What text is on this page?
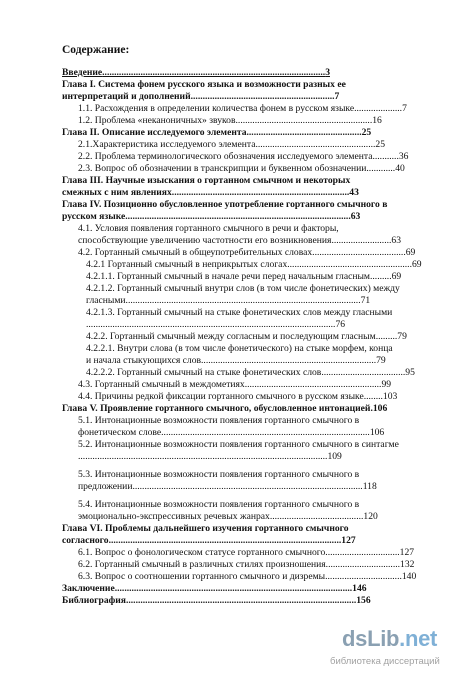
Содержание:
Введение.............................................................................................3
Глава I. Система фонем русского языка и возможности разных ее
интерпретаций и дополнений............................................................7
1.1. Расхождения в определении количества фонем в русском языке....................7
1.2. Проблема «неканоничных» звуков.........................................................16
Глава II. Описание исследуемого элемента................................................25
2.1.Характеристика исследуемого элемента..................................................25
2.2. Проблема терминологического обозначения исследуемого элемента...........36
2.3. Вопрос об обозначении в транскрипции и буквенном обозначении............40
Глава III. Научные изыскания о гортанном смычном и некоторых
смежных с ним явлениях..........................................................................43
Глава IV. Позиционно обусловленное употребление гортанного смычного в
русском языке..............................................................................................63
4.1. Условия появления гортанного смычного в речи и факторы,
способствующие увеличению частотности его возникновения.........................63
4.2. Гортанный смычный в общеупотребительных словах.......................................69
4.2.1 Гортанный смычный в неприкрытых слогах....................................................69
4.2.1.1. Гортанный смычный в начале речи перед начальным гласным.........69
4.2.1.2. Гортанный смычный внутри слов (в том числе фонетических) между
гласными..................................................................................................71
4.2.1.3. Гортанный смычный на стыке фонетических слов между гласными
........................................................................................................76
4.2.2. Гортанный смычный между согласным и последующим гласным.........79
4.2.2.1. Внутри слова (в том числе фонетического) на стыке морфем, конца
и начала стыкующихся слов.........................................................................79
4.2.2.2. Гортанный смычный на стыке фонетических слов...................................95
4.3. Гортанный смычный в междометиях.........................................................99
4.4. Причины редкой фиксации гортанного смычного в русском языке........103
Глава V. Проявление гортанного смычного, обусловленное интонацией.106
5.1. Интонационные возможности появления гортанного смычного в
фонетическом слове.......................................................................................106
5.2. Интонационные возможности появления гортанного смычного в синтагме
........................................................................................................109
5.3. Интонационные возможности появления гортанного смычного в
предложении................................................................................................118
5.4. Интонационные возможности появления гортанного смычного в
эмоционально-экспрессивных речевых жанрах.......................................120
Глава VI. Проблемы дальнейшего изучения гортанного смычного
согласного.................................................................................................127
6.1. Вопрос о фонологическом статусе гортанного смычного...............................127
6.2. Гортанный смычный в различных стилях произношения...............................132
6.3. Вопрос о соотношении гортанного смычного и дизремы................................140
Заключение...................................................................................................146
Библиография................................................................................................156
dsLib.net
библиотека диссертаций
